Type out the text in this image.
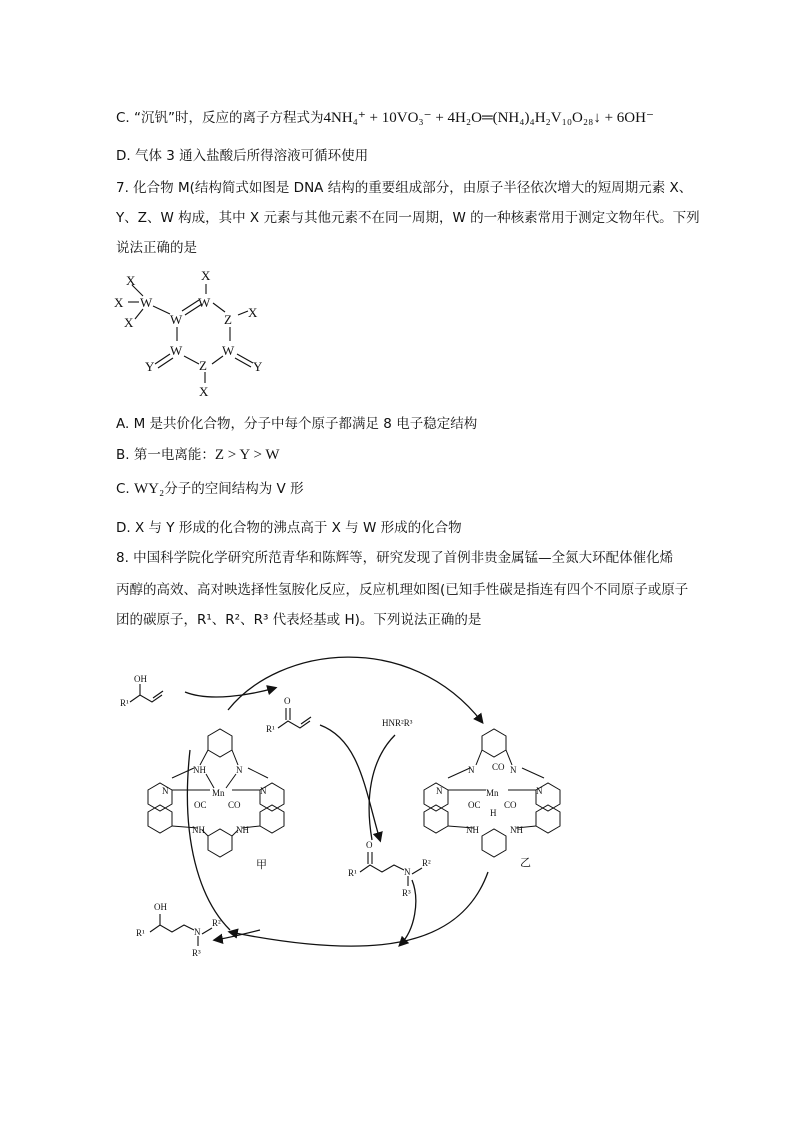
C. “沉钒”时，反应的离子方程式为4NH₄⁺ + 10VO₃⁻ + 4H₂O═(NH₄)₄H₂V₁₀O₂₈↓ + 6OH⁻
D. 气体 3 通入盐酸后所得溶液可循环使用
7. 化合物 M(结构简式如图是 DNA 结构的重要组成部分，由原子半径依次增大的短周期元素 X、
Y、Z、W 构成，其中 X 元素与其他元素不在同一周期，W 的一种核素常用于测定文物年代。下列
说法正确的是
X
X
X
W
X
W
W	Z X
W	W
Z
Y	Y
X
A. M 是共价化合物，分子中每个原子都满足 8 电子稳定结构
B. 第一电离能：Z > Y > W
C. WY₂分子的空间结构为 V 形
D. X 与 Y 形成的化合物的沸点高于 X 与 W 形成的化合物
8. 中国科学院化学研究所范青华和陈辉等，研究发现了首例非贵金属锰—全氮大环配体催化烯
丙醇的高效、高对映选择性氢胺化反应，反应机理如图(已知手性碳是指连有四个不同原子或原子
团的碳原子，R¹、R²、R³ 代表烃基或 H)。下列说法正确的是
OH
R¹	O
R¹
HNR²R³
NH	N
Mn
OC CO
NH	NH
N	N
甲
N	N
CO
Mn
OC	CO
H
NH	NH
N	N
乙
O
R¹	N
R²
R³
OH
R¹	N
R²
R³
